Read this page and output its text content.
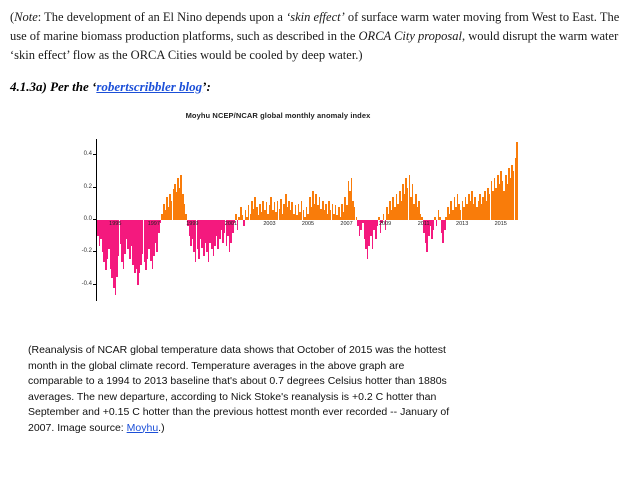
(Note: The development of an El Nino depends upon a ‘skin effect’ of surface warm water moving from West to East. The use of marine biomass production platforms, such as described in the ORCA City proposal, would disrupt the warm water ‘skin effect’ flow as the ORCA Cities would be cooled by deep water.)

4.1.3a) Per the ‘robertscribbler blog’:
Moyhu NCEP/NCAR global monthly anomaly index
0.4
0.2
0.0
-0.2
-0.4
1995	1997	1999	2001	2003	2005	2007	2009	2011	2013	2015
(Reanalysis of NCAR global temperature data shows that October of 2015 was the hottest month in the global climate record. Temperature averages in the above graph are comparable to a 1994 to 2013 baseline that's about 0.7 degrees Celsius hotter than 1880s averages. The new departure, according to Nick Stoke's reanalysis is +0.2 C hotter than September and +0.15 C hotter than the previous hottest month ever recorded -- January of 2007. Image source: Moyhu.)
